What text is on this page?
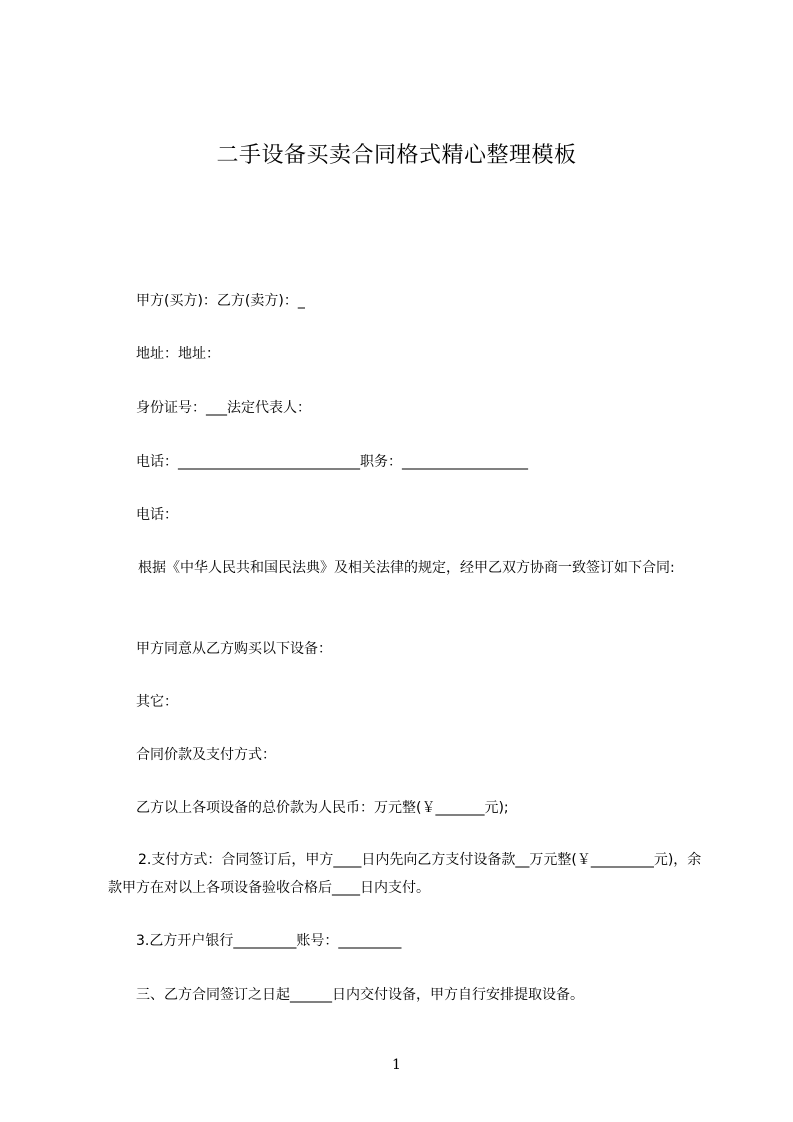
二手设备买卖合同格式精心整理模板
甲方(买方)：乙方(卖方)：_
地址：地址：
身份证号：___法定代表人：
电话：__________________________职务：__________________
电话：
根据《中华人民共和国民法典》及相关法律的规定，经甲乙双方协商一致签订如下合同:
甲方同意从乙方购买以下设备：
其它：
合同价款及支付方式：
乙方以上各项设备的总价款为人民币：万元整(￥_______元);
2.支付方式：合同签订后，甲方____日内先向乙方支付设备款__万元整(￥_________元)，余款甲方在对以上各项设备验收合格后____日内支付。
3.乙方开户银行_________账号：_________
三、乙方合同签订之日起______日内交付设备，甲方自行安排提取设备。
1
